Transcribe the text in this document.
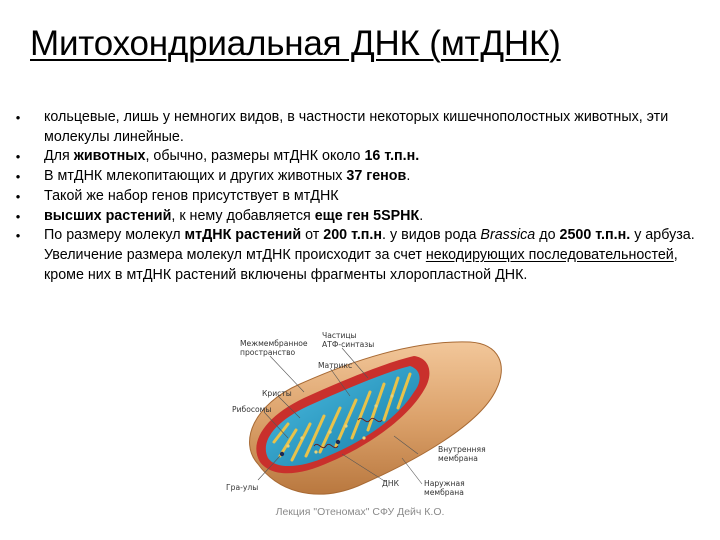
Митохондриальная ДНК (мтДНК)
• кольцевые, лишь у немногих видов, в частности некоторых кишечнополостных животных, эти молекулы линейные.
• Для животных, обычно, размеры мтДНК около 16 т.п.н.
• В мтДНК млекопитающих и других животных 37 генов.
• Такой же набор генов присутствует в мтДНК
• высших растений, к нему добавляется еще ген 5SРНК.
• По размеру молекул мтДНК растений от 200 т.п.н. у видов рода Brassica до 2500 т.п.н. у арбуза. Увеличение размера молекул мтДНК происходит за счет некодирующих последовательностей, кроме них в мтДНК растений включены фрагменты хлоропластной ДНК.
Межмембранное
пространство
Частицы
АТФ-синтазы
Матрикс
Кристы
Рибосомы
Внутренняя
мембрана
ДНК	Наружная
мембрана
Гра-улы
Лекция "Отеномах" СФУ Дейч К.О.
